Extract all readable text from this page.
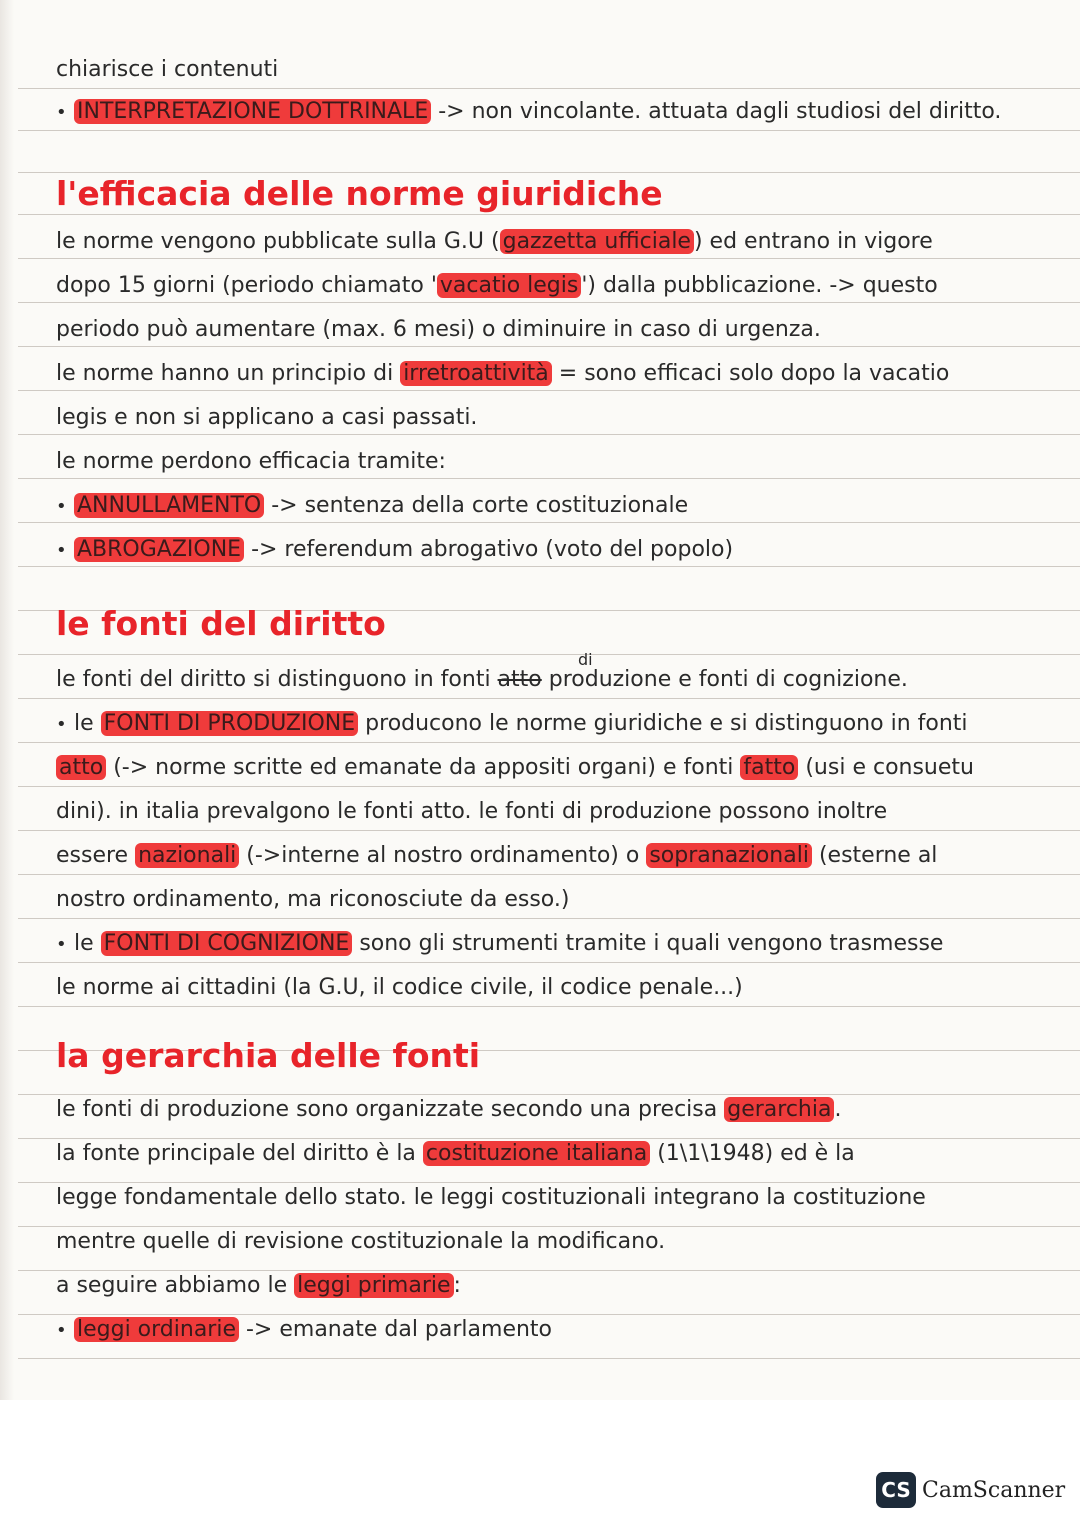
chiarisce i contenuti
• INTERPRETAZIONE DOTTRINALE -> non vincolante. attuata dagli studiosi del diritto.
l'efficacia delle norme giuridiche
le norme vengono pubblicate sulla G.U ( gazzetta ufficiale ) ed entrano in vigore
dopo 15 giorni (periodo chiamato ' vacatio legis ') dalla pubblicazione. -> questo
periodo può aumentare (max. 6 mesi) o diminuire in caso di urgenza.
le norme hanno un principio di irretroattività = sono efficaci solo dopo la vacatio
legis e non si applicano a casi passati.
le norme perdono efficacia tramite:
• ANNULLAMENTO -> sentenza della corte costituzionale
• ABROGAZIONE -> referendum abrogativo (voto del popolo)
le fonti del diritto
di
le fonti del diritto si distinguono in fonti atto produzione e fonti di cognizione.
• le FONTI DI PRODUZIONE producono le norme giuridiche e si distinguono in fonti
atto (-> norme scritte ed emanate da appositi organi) e fonti fatto (usi e consuetu
dini). in italia prevalgono le fonti atto. le fonti di produzione possono inoltre
essere nazionali (->interne al nostro ordinamento) o sopranazionali (esterne al
nostro ordinamento, ma riconosciute da esso.)
• le FONTI DI COGNIZIONE sono gli strumenti tramite i quali vengono trasmesse
le norme ai cittadini (la G.U, il codice civile, il codice penale...)
la gerarchia delle fonti
le fonti di produzione sono organizzate secondo una precisa gerarchia .
la fonte principale del diritto è la costituzione italiana (1\1\1948) ed è la
legge fondamentale dello stato. le leggi costituzionali integrano la costituzione
mentre quelle di revisione costituzionale la modificano.
a seguire abbiamo le leggi primarie :
• leggi ordinarie -> emanate dal parlamento
CS CamScanner
